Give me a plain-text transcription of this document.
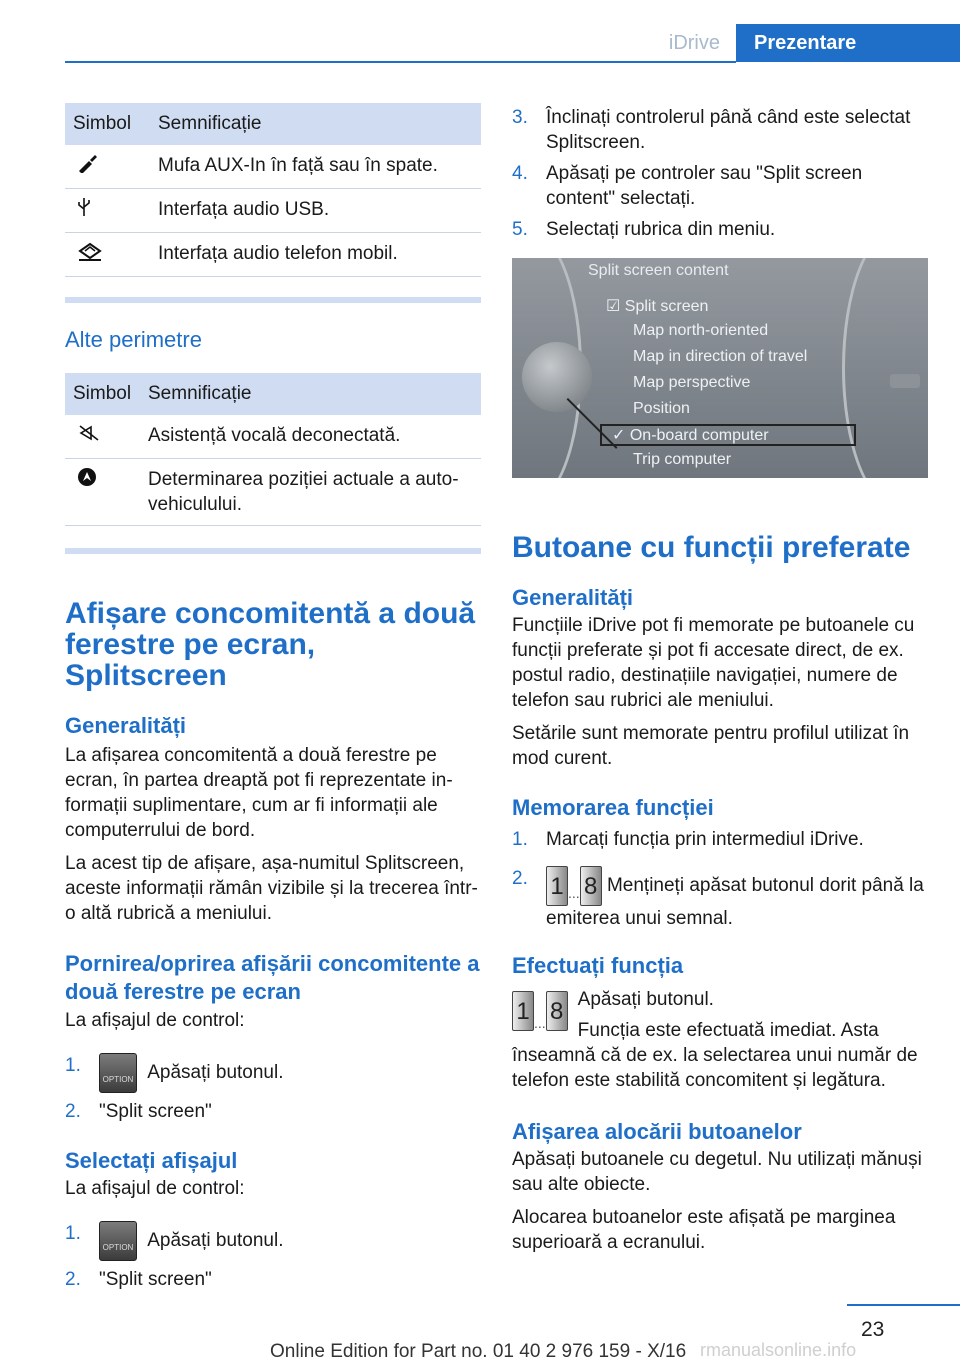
iDrive	Prezentare
Simbol	Semnificație
	Mufa AUX-In în față sau în spate.
	Interfața audio USB.
	Interfața audio telefon mobil.
Alte perimetre
Simbol	Semnificație
	Asistență vocală deconectată.
	Determinarea poziției actuale a autovehiculului.
Afișare concomitentă a două ferestre pe ecran, Splitscreen
Generalități

La afișarea concomitentă a două ferestre pe ecran, în partea dreaptă pot fi reprezentate informații suplimentare, cum ar fi informații ale computerrului de bord.

La acest tip de afișare, așa-numitul Splitscreen, aceste informații rămân vizibile și la trecerea într-o altă rubrică a meniului.

Pornirea/oprirea afișării concomitente a două ferestre pe ecran

La afișajul de control:

1.
OPTION Apăsați butonul.
2. "Split screen"
Selectați afișajul

La afișajul de control:

1.
OPTION Apăsați butonul.
2. "Split screen"
3. Înclinați controlerul până când este selectat Splitscreen.
4. Apăsați pe controler sau "Split screen content" selectați.
5. Selectați rubrica din meniu.
Split screen content
☑ Split screen
Map north-oriented
Map in direction of travel
Map perspective
Position
✓ On-board computer
Trip computer
Butoane cu funcții preferate
Generalități

Funcțiile iDrive pot fi memorate pe butoanele cu funcții preferate și pot fi accesate direct, de ex. postul radio, destinațiile navigației, numere de telefon sau rubrici ale meniului.

Setările sunt memorate pentru profilul utilizat în mod curent.

Memorarea funcției
1. Marcați funcția prin intermediul iDrive.
2. 1 ... 8 Mențineți apăsat butonul dorit până la emiterea unui semnal.
Efectuați funcția
1 ... 8 Apăsați butonul.

Funcția este efectuată imediat. Asta înseamnă că de ex. la selectarea unui număr de telefon este stabilită concomitent și legătura.

Afișarea alocării butoanelor

Apăsați butoanele cu degetul. Nu utilizați mănuși sau alte obiecte.

Alocarea butoanelor este afișată pe marginea superioară a ecranului.

23
Online Edition for Part no. 01 40 2 976 159 - X/16 rmanualsonline.info
